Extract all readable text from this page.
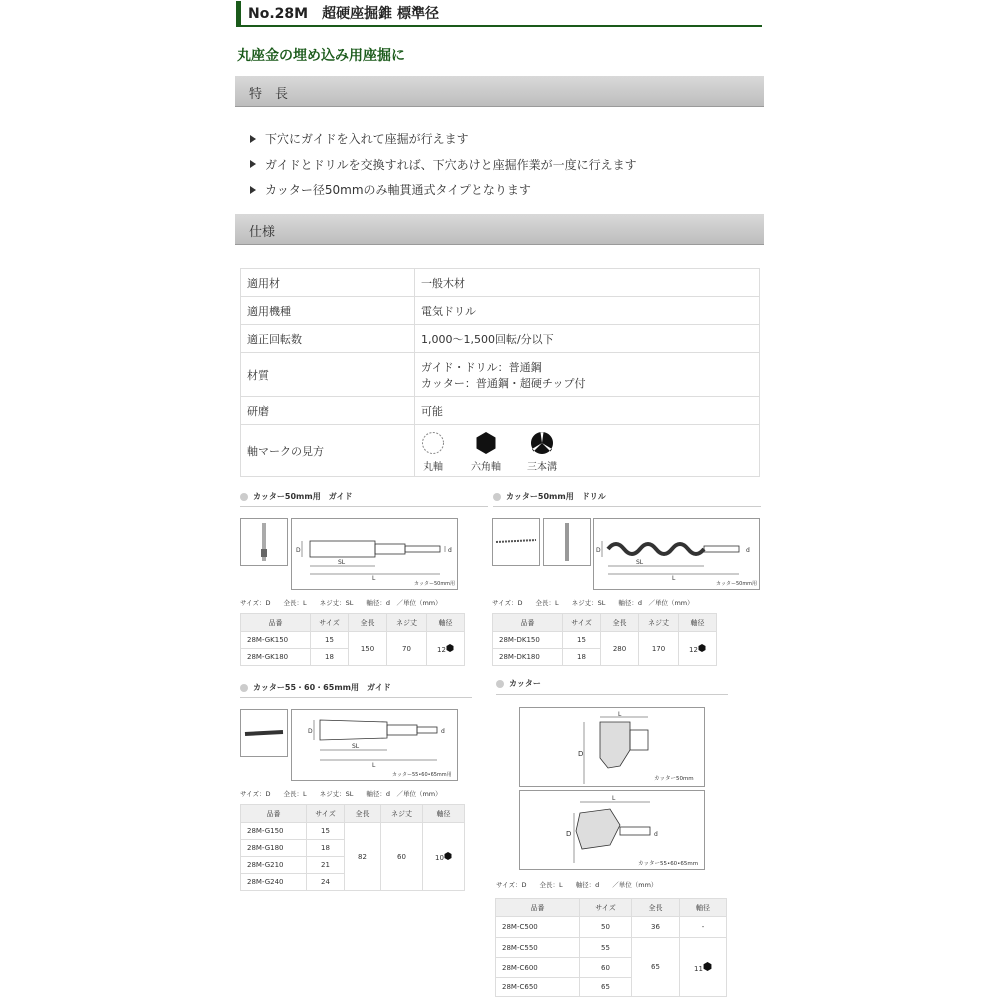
No.28M　超硬座掘錐 標準径
丸座金の埋め込み用座掘に
特　長
下穴にガイドを入れて座掘が行えます
ガイドとドリルを交換すれば、下穴あけと座掘作業が一度に行えます
カッター径50mmのみ軸貫通式タイプとなります
仕様
適用材	一般木材
適用機種	電気ドリル
適正回転数	1,000～1,500回転/分以下
材質	ガイド・ドリル：普通鋼
カッター：普通鋼・超硬チップ付

研磨	可能
軸マークの見方	丸軸 六角軸 三本溝
カッター50mm用　ガイド
D	d
SL
L
カッター50mm用
サイズ：D　　全長：L　　ネジ丈：SL　　軸径：d　／単位（mm）
品番	サイズ	全長	ネジ丈	軸径
28M-GK150	15	150	70	12
28M-GK180	18			
カッター50mm用　ドリル
D	d
SL
L
カッター50mm用
サイズ：D　　全長：L　　ネジ丈：SL　　軸径：d　／単位（mm）
品番	サイズ	全長	ネジ丈	軸径
28M-DK150	15	280	170	12
28M-DK180	18			
カッター55・60・65mm用　ガイド
D	d
SL
L
カッター55•60•65mm用
サイズ：D　　全長：L　　ネジ丈：SL　　軸径：d　／単位（mm）
品番	サイズ	全長	ネジ丈	軸径
28M-G150	15	82	60	10
28M-G180	18			
28M-G210	21			
28M-G240	24			
カッター
D
L
カッター50mm
D	d
L
カッター55•60•65mm
サイズ：D　　全長：L　　軸径：d　　／単位（mm）
品番	サイズ	全長	軸径
28M-C500	50	36	-
28M-C550	55	65	11
28M-C600	60		
28M-C650	65		
